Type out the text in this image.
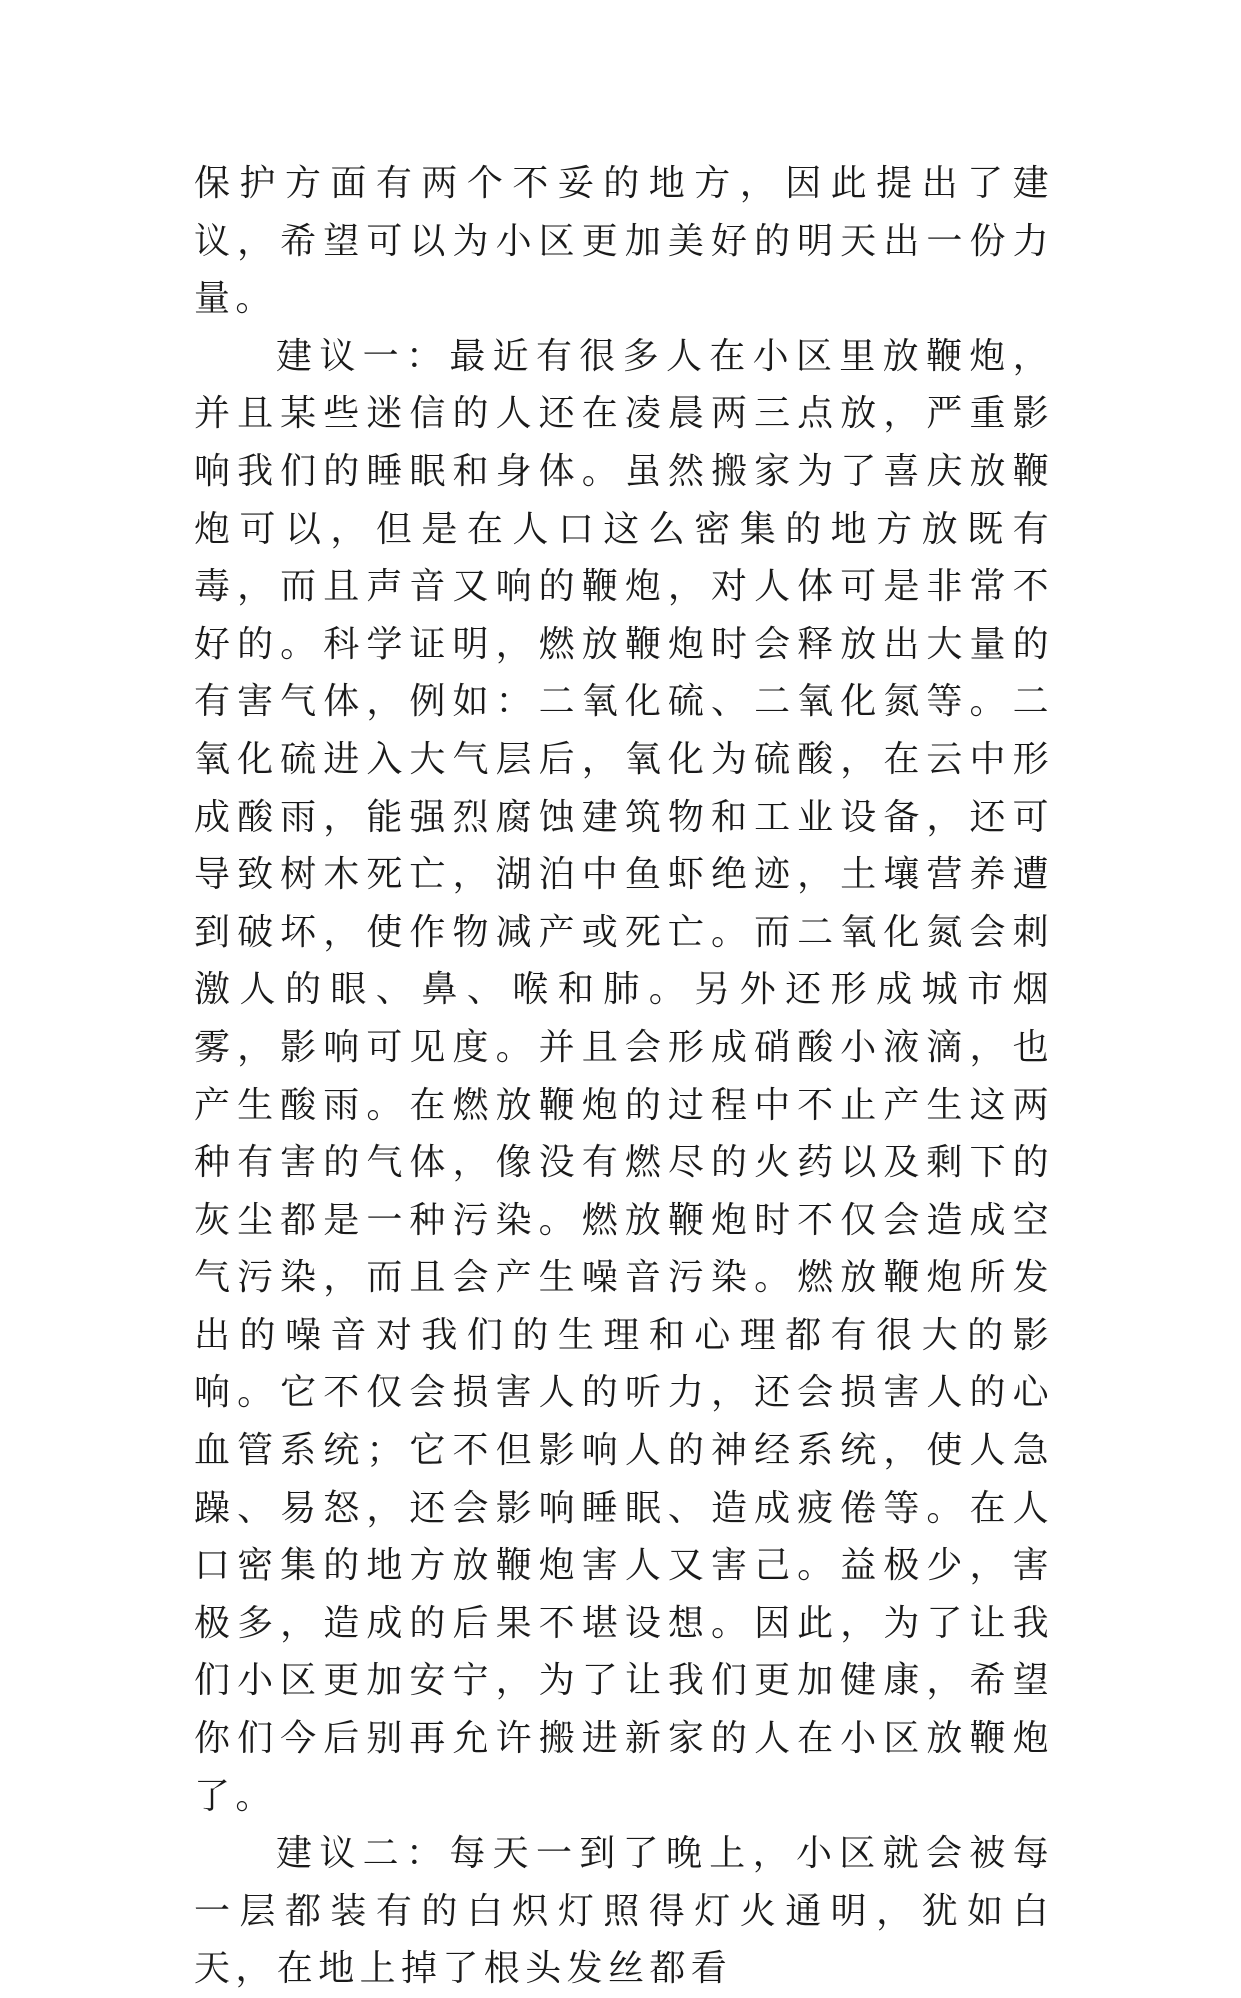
保护方面有两个不妥的地方，因此提出了建议，希望可以为小区更加美好的明天出一份力量。

建议一：最近有很多人在小区里放鞭炮，并且某些迷信的人还在凌晨两三点放，严重影响我们的睡眠和身体。虽然搬家为了喜庆放鞭炮可以，但是在人口这么密集的地方放既有毒，而且声音又响的鞭炮，对人体可是非常不好的。科学证明，燃放鞭炮时会释放出大量的有害气体，例如：二氧化硫、二氧化氮等。二氧化硫进入大气层后，氧化为硫酸，在云中形成酸雨，能强烈腐蚀建筑物和工业设备，还可导致树木死亡，湖泊中鱼虾绝迹，土壤营养遭到破坏，使作物减产或死亡。而二氧化氮会刺激人的眼、鼻、喉和肺。另外还形成城市烟雾，影响可见度。并且会形成硝酸小液滴，也产生酸雨。在燃放鞭炮的过程中不止产生这两种有害的气体，像没有燃尽的火药以及剩下的灰尘都是一种污染。燃放鞭炮时不仅会造成空气污染，而且会产生噪音污染。燃放鞭炮所发出的噪音对我们的生理和心理都有很大的影响。它不仅会损害人的听力，还会损害人的心血管系统；它不但影响人的神经系统，使人急躁、易怒，还会影响睡眠、造成疲倦等。在人口密集的地方放鞭炮害人又害己。益极少，害极多，造成的后果不堪设想。因此，为了让我们小区更加安宁，为了让我们更加健康，希望你们今后别再允许搬进新家的人在小区放鞭炮了。

建议二：每天一到了晚上，小区就会被每一层都装有的白炽灯照得灯火通明，犹如白天，在地上掉了根头发丝都看
